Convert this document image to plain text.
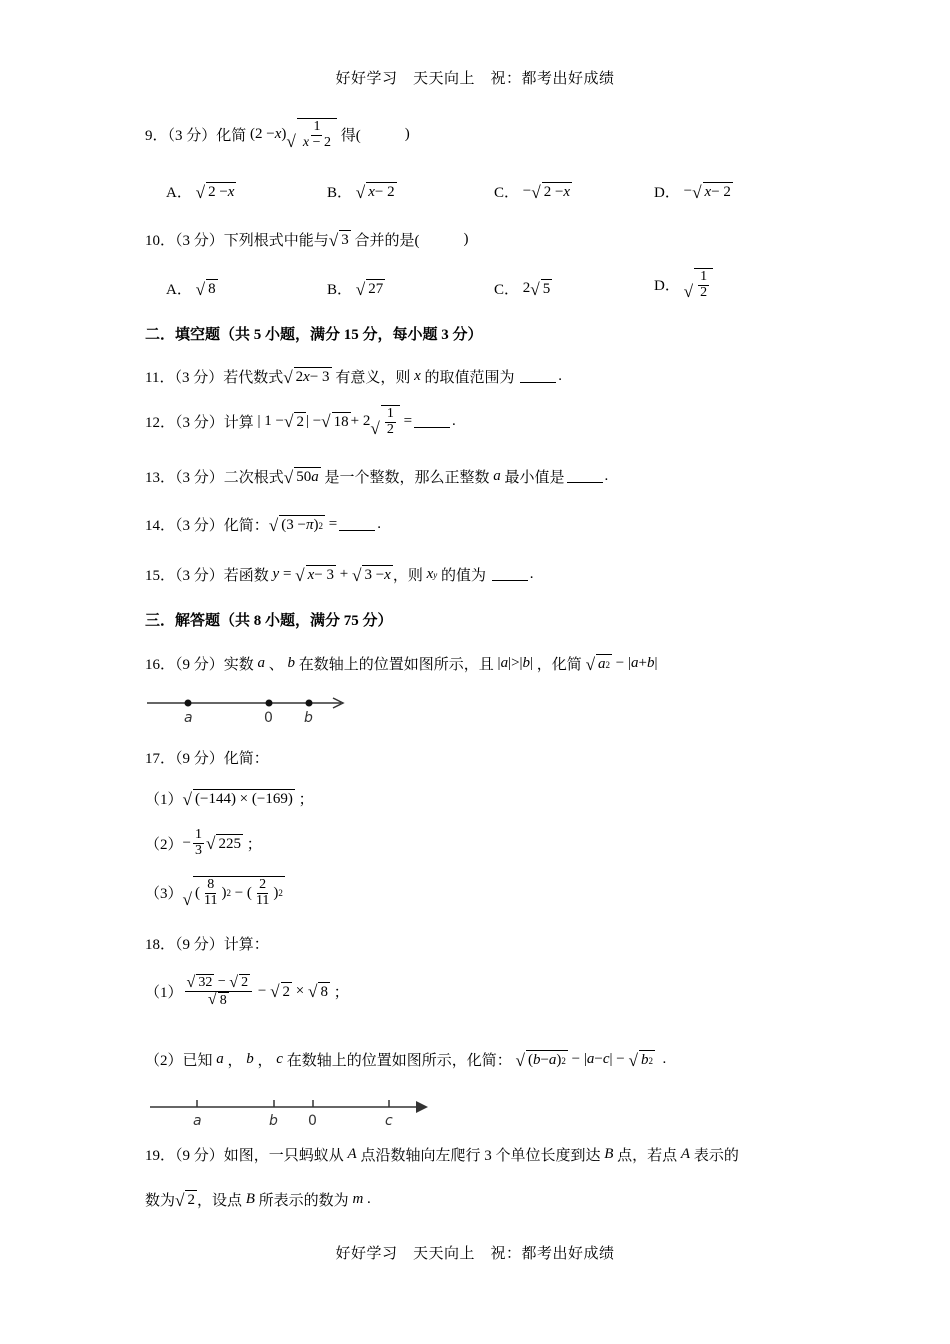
好好学习　天天向上　祝：都考出好成绩
9．（3 分）化简 (2 − x ) √ $\frac{1}{x - 2}$
得(	)
A．
√ 2 − x	B．
√ x − 2	C． − √ 2 − x	D． − √ x − 2
10．（3 分）下列根式中能与 √ 3
合并的是(	)
A．
√ 8	B．
√ 27	C． 2 √ 5	D．
√ $\frac{1}{2}$
二．填空题（共 5 小题，满分 15 分，每小题 3 分）
11．（3 分）若代数式 √ 2 x − 3
有意义，则
x
的取值范围为
	.
12．（3 分）计算
| 1 − √ 2 | − √ 18 + 2 √ $\frac{1}{2}$ =	.
13．（3 分）二次根式 √ 50 a
是一个整数，那么正整数
a
最小值是	.
14．（3 分）化简： √ (3 − π ) 2 =	.
15．（3 分）若函数
y = √ x − 3 + √ 3 − x ，则
x y
的值为
	.
三．解答题（共 8 小题，满分 75 分）
16．（9 分）实数
a 、 b
在数轴上的位置如图所示，且 | a |>| b | ，化简
√ a 2 − | a + b |
a	0 b
17．（9 分）化简：
（1） √ (−144) × (−169) ；
$(2) - \frac{1}{3}$ √ 225 ；
（3） √ ( $\frac{8}{11}$ ) 2 − ( $\frac{2}{11}$ ) 2
18．（9 分）计算：
$(1) \frac{√ 32 - √ 2}{√ 8}$ − √ 2 × √ 8 ；
（2）已知
a ， b ， c
在数轴上的位置如图所示，化简：
√ ( b − a ) 2 − | a − c | − √ b 2 .
a	b 0	c
19．（9 分）如图，一只蚂蚁从
A
点沿数轴向左爬行 3 个单位长度到达
B
点，若点
A
表示的
数为 √ 2 ，设点
B
所表示的数为
m .
好好学习　天天向上　祝：都考出好成绩
